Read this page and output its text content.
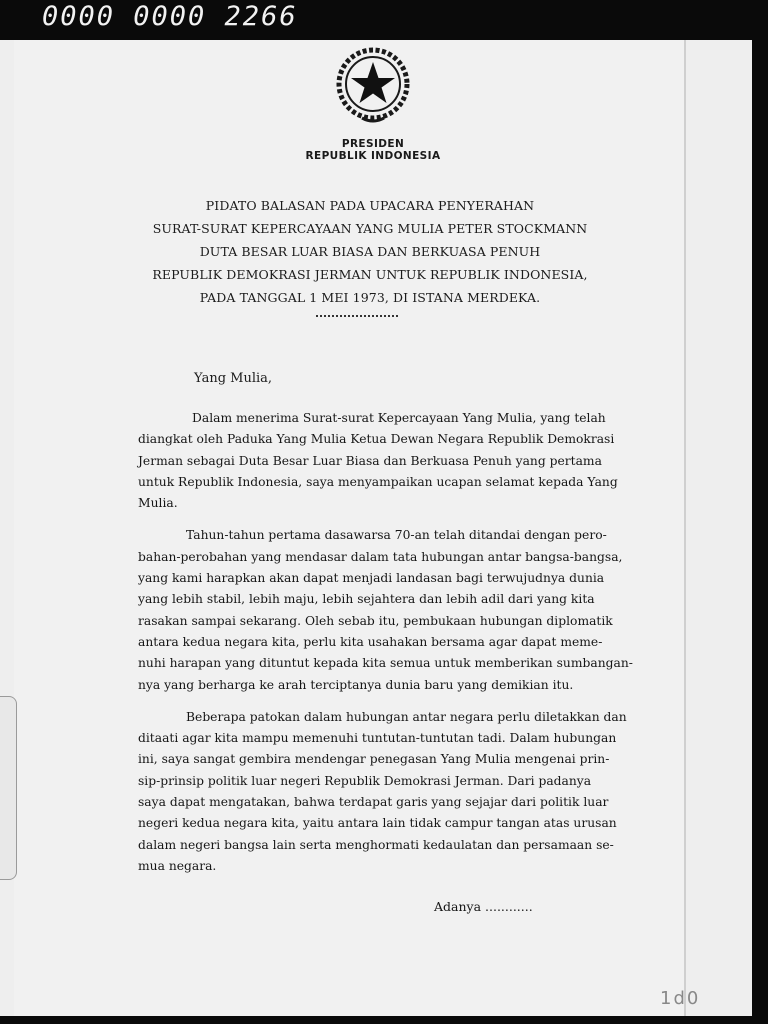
0000 0000 2266
PRESIDEN
REPUBLIK INDONESIA
PIDATO BALASAN PADA UPACARA PENYERAHAN
SURAT-SURAT KEPERCAYAAN YANG MULIA PETER STOCKMANN
DUTA BESAR LUAR BIASA DAN BERKUASA PENUH
REPUBLIK DEMOKRASI JERMAN UNTUK REPUBLIK INDONESIA,
PADA TANGGAL 1 MEI 1973, DI ISTANA MERDEKA.
Yang Mulia,
Dalam menerima Surat-surat Kepercayaan Yang Mulia, yang telah
diangkat oleh Paduka Yang Mulia Ketua Dewan Negara Republik Demokrasi
Jerman sebagai Duta Besar Luar Biasa dan Berkuasa Penuh yang pertama
untuk Republik Indonesia, saya menyampaikan ucapan selamat kepada Yang
Mulia.
Tahun-tahun pertama dasawarsa 70-an telah ditandai dengan pero-
bahan-perobahan yang mendasar dalam tata hubungan antar bangsa-bangsa,
yang kami harapkan akan dapat menjadi landasan bagi terwujudnya dunia
yang lebih stabil, lebih maju, lebih sejahtera dan lebih adil dari yang kita
rasakan sampai sekarang. Oleh sebab itu, pembukaan hubungan diplomatik
antara kedua negara kita, perlu kita usahakan bersama agar dapat meme-
nuhi harapan yang dituntut kepada kita semua untuk memberikan sumbangan-
nya yang berharga ke arah terciptanya dunia baru yang demikian itu.
Beberapa patokan dalam hubungan antar negara perlu diletakkan dan
ditaati agar kita mampu memenuhi tuntutan-tuntutan tadi. Dalam hubungan
ini, saya sangat gembira mendengar penegasan Yang Mulia mengenai prin-
sip-prinsip politik luar negeri Republik Demokrasi Jerman. Dari padanya
saya dapat mengatakan, bahwa terdapat garis yang sejajar dari politik luar
negeri kedua negara kita, yaitu antara lain tidak campur tangan atas urusan
dalam negeri bangsa lain serta menghormati kedaulatan dan persamaan se-
mua negara.
Adanya ............
1d0
